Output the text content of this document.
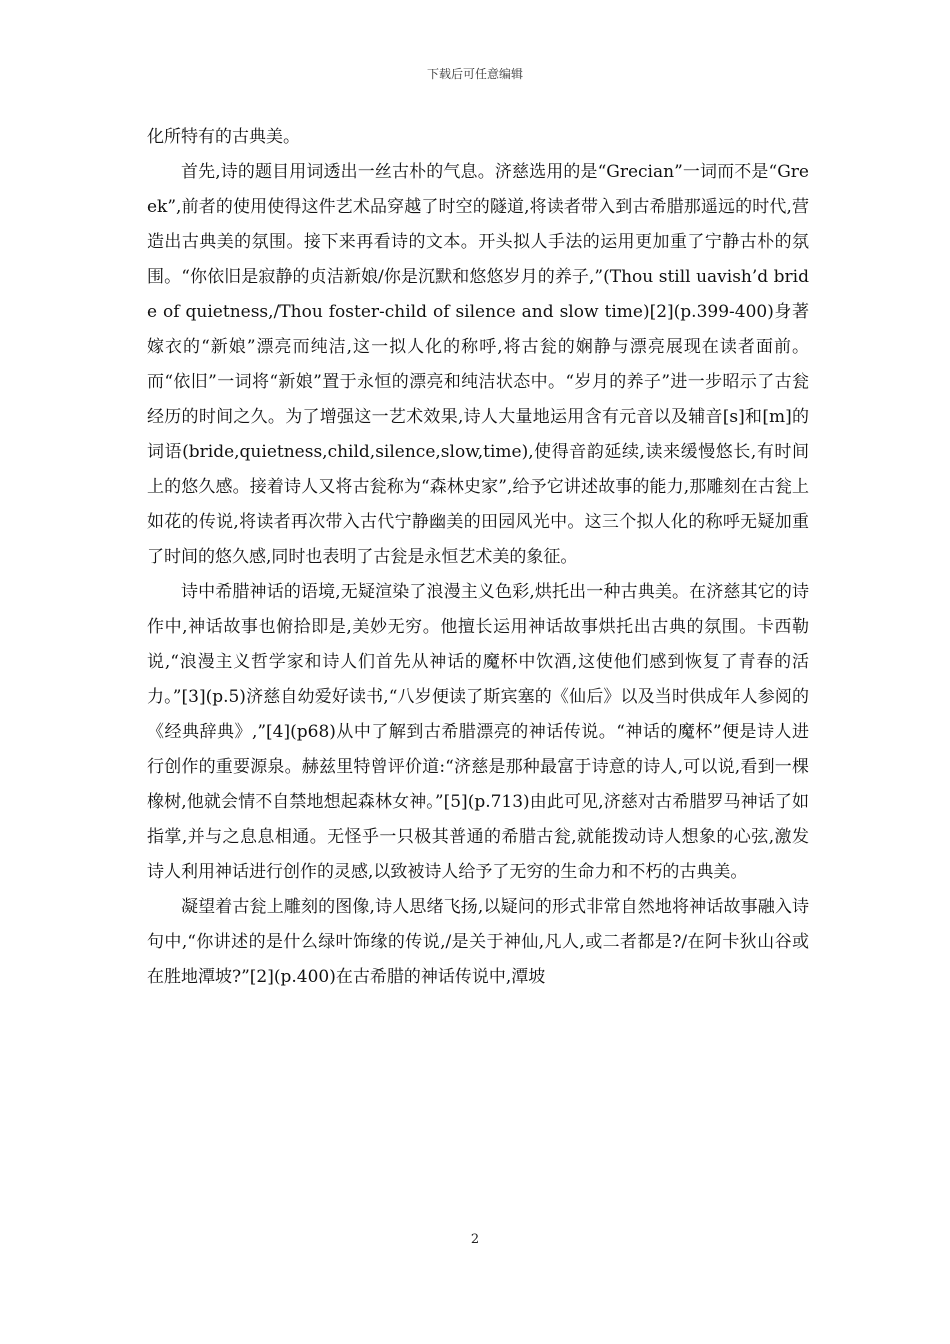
下载后可任意编辑

化所特有的古典美。

首先,诗的题目用词透出一丝古朴的气息。济慈选用的是“Grecian”一词而不是“Greek”,前者的使用使得这件艺术品穿越了时空的隧道,将读者带入到古希腊那遥远的时代,营造出古典美的氛围。接下来再看诗的文本。开头拟人手法的运用更加重了宁静古朴的氛围。“你依旧是寂静的贞洁新娘/你是沉默和悠悠岁月的养子,”(Thou still uavish’d bride of quietness,/Thou foster-child of silence and slow time)[2](p.399-400)身著嫁衣的“新娘”漂亮而纯洁,这一拟人化的称呼,将古瓮的娴静与漂亮展现在读者面前。而“依旧”一词将“新娘”置于永恒的漂亮和纯洁状态中。“岁月的养子”进一步昭示了古瓮经历的时间之久。为了增强这一艺术效果,诗人大量地运用含有元音以及辅音[s]和[m]的词语(bride,quietness,child,silence,slow,time),使得音韵延续,读来缓慢悠长,有时间上的悠久感。接着诗人又将古瓮称为“森林史家”,给予它讲述故事的能力,那雕刻在古瓮上如花的传说,将读者再次带入古代宁静幽美的田园风光中。这三个拟人化的称呼无疑加重了时间的悠久感,同时也表明了古瓮是永恒艺术美的象征。

诗中希腊神话的语境,无疑渲染了浪漫主义色彩,烘托出一种古典美。在济慈其它的诗作中,神话故事也俯拾即是,美妙无穷。他擅长运用神话故事烘托出古典的氛围。卡西勒说,“浪漫主义哲学家和诗人们首先从神话的魔杯中饮酒,这使他们感到恢复了青春的活力。”[3](p.5)济慈自幼爱好读书,“八岁便读了斯宾塞的《仙后》以及当时供成年人参阅的《经典辞典》,”[4](p68)从中了解到古希腊漂亮的神话传说。“神话的魔杯”便是诗人进行创作的重要源泉。赫兹里特曾评价道:“济慈是那种最富于诗意的诗人,可以说,看到一棵橡树,他就会情不自禁地想起森林女神。”[5](p.713)由此可见,济慈对古希腊罗马神话了如指掌,并与之息息相通。无怪乎一只极其普通的希腊古瓮,就能拨动诗人想象的心弦,激发诗人利用神话进行创作的灵感,以致被诗人给予了无穷的生命力和不朽的古典美。

凝望着古瓮上雕刻的图像,诗人思绪飞扬,以疑问的形式非常自然地将神话故事融入诗句中,“你讲述的是什么绿叶饰缘的传说,/是关于神仙,凡人,或二者都是?/在阿卡狄山谷或在胜地潭坡?”[2](p.400)在古希腊的神话传说中,潭坡

2
